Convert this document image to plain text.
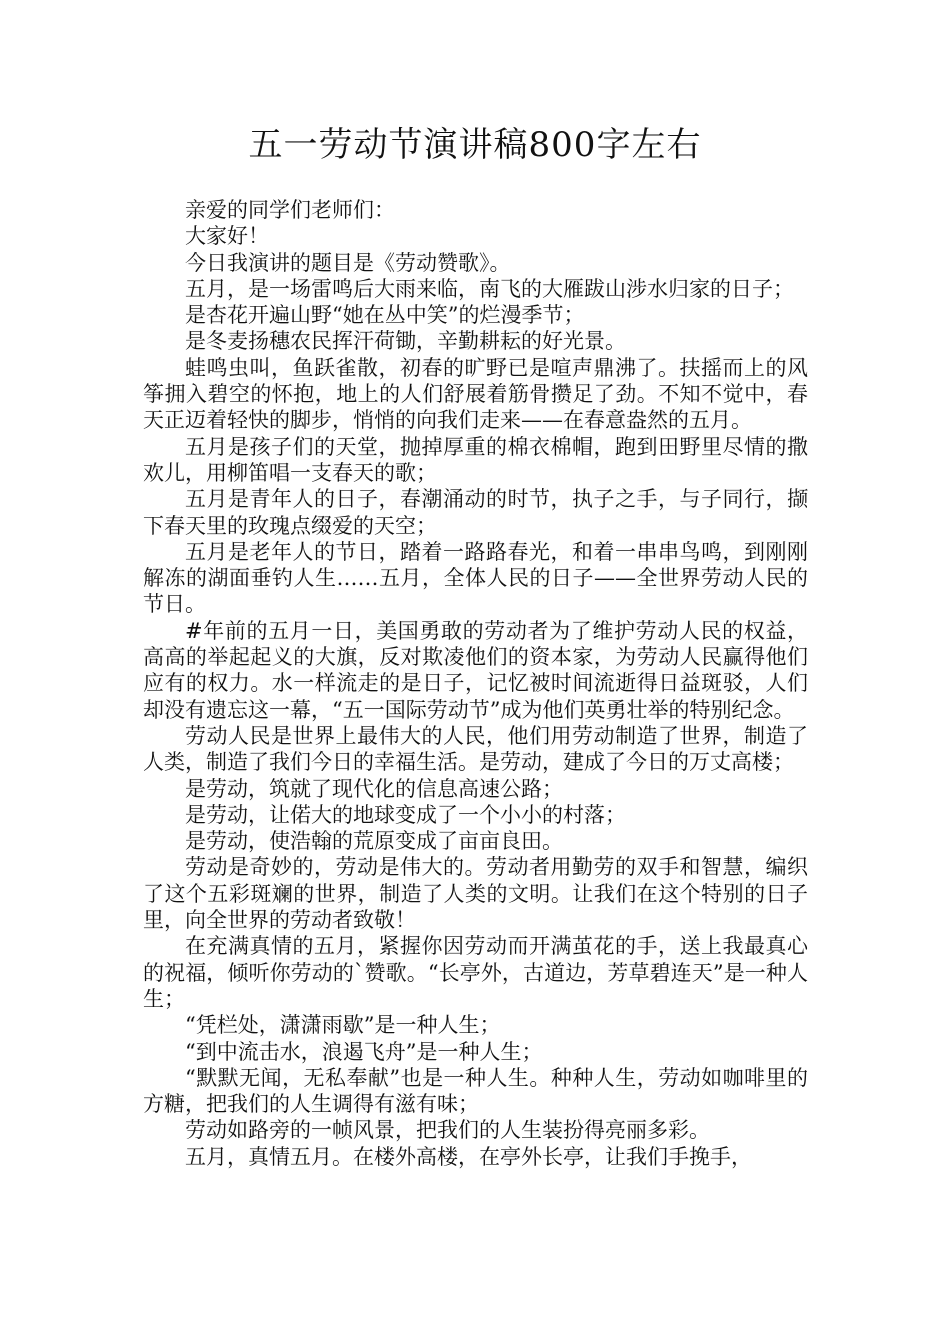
五一劳动节演讲稿800字左右

亲爱的同学们老师们：

大家好！

今日我演讲的题目是《劳动赞歌》。

五月，是一场雷鸣后大雨来临，南飞的大雁跋山涉水归家的日子；

是杏花开遍山野“她在丛中笑”的烂漫季节；

是冬麦扬穗农民挥汗荷锄，辛勤耕耘的好光景。

蛙鸣虫叫，鱼跃雀散，初春的旷野已是喧声鼎沸了。扶摇而上的风筝拥入碧空的怀抱，地上的人们舒展着筋骨攒足了劲。不知不觉中，春天正迈着轻快的脚步，悄悄的向我们走来——在春意盎然的五月。

五月是孩子们的天堂，抛掉厚重的棉衣棉帽，跑到田野里尽情的撒欢儿，用柳笛唱一支春天的歌；

五月是青年人的日子，春潮涌动的时节，执子之手，与子同行，撷下春天里的玫瑰点缀爱的天空；

五月是老年人的节日，踏着一路路春光，和着一串串鸟鸣，到刚刚解冻的湖面垂钓人生……五月，全体人民的日子——全世界劳动人民的节日。

#年前的五月一日，美国勇敢的劳动者为了维护劳动人民的权益，高高的举起起义的大旗，反对欺凌他们的资本家，为劳动人民赢得他们应有的权力。水一样流走的是日子，记忆被时间流逝得日益斑驳，人们却没有遗忘这一幕，“五一国际劳动节”成为他们英勇壮举的特别纪念。

劳动人民是世界上最伟大的人民，他们用劳动制造了世界，制造了人类，制造了我们今日的幸福生活。是劳动，建成了今日的万丈高楼；

是劳动，筑就了现代化的信息高速公路；

是劳动，让偌大的地球变成了一个小小的村落；

是劳动，使浩翰的荒原变成了亩亩良田。

劳动是奇妙的，劳动是伟大的。劳动者用勤劳的双手和智慧，编织了这个五彩斑斓的世界，制造了人类的文明。让我们在这个特别的日子里，向全世界的劳动者致敬！

在充满真情的五月，紧握你因劳动而开满茧花的手，送上我最真心的祝福，倾听你劳动的`赞歌。“长亭外，古道边，芳草碧连天”是一种人生；

“凭栏处，潇潇雨歇”是一种人生；

“到中流击水，浪遏飞舟”是一种人生；

“默默无闻，无私奉献”也是一种人生。种种人生，劳动如咖啡里的方糖，把我们的人生调得有滋有味；

劳动如路旁的一帧风景，把我们的人生装扮得亮丽多彩。

五月，真情五月。在楼外高楼，在亭外长亭，让我们手挽手，
